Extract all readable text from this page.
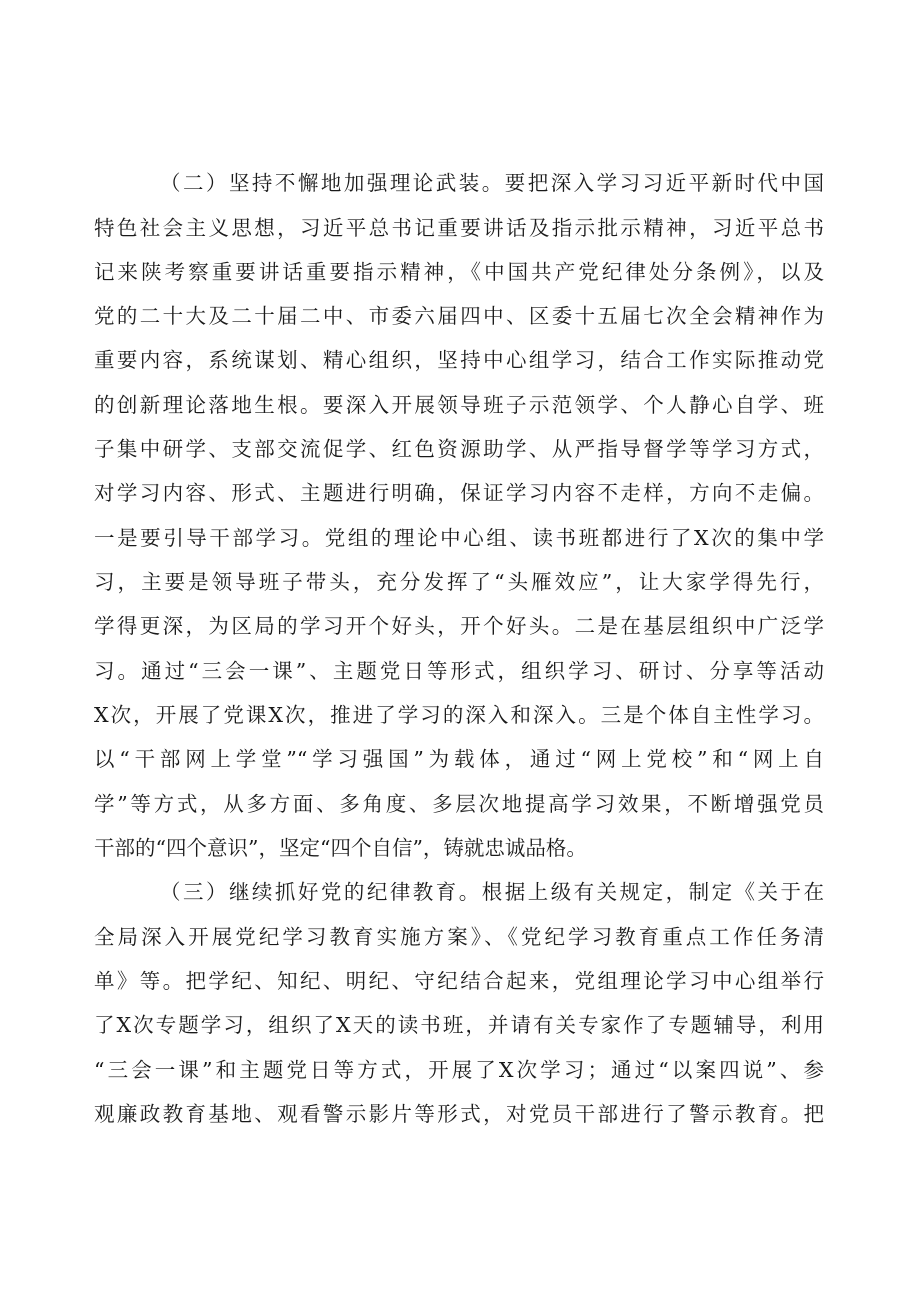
（二）坚持不懈地加强理论武装。要把深入学习习近平新时代中国
特色社会主义思想，习近平总书记重要讲话及指示批示精神，习近平总书
记来陕考察重要讲话重要指示精神，《中国共产党纪律处分条例》，以及
党的二十大及二十届二中、市委六届四中、区委十五届七次全会精神作为
重要内容，系统谋划、精心组织，坚持中心组学习，结合工作实际推动党
的创新理论落地生根。要深入开展领导班子示范领学、个人静心自学、班
子集中研学、支部交流促学、红色资源助学、从严指导督学等学习方式，
对学习内容、形式、主题进行明确，保证学习内容不走样，方向不走偏。
一是要引导干部学习。党组的理论中心组、读书班都进行了X次的集中学
习，主要是领导班子带头，充分发挥了“头雁效应”，让大家学得先行，
学得更深，为区局的学习开个好头，开个好头。二是在基层组织中广泛学
习。通过“三会一课”、主题党日等形式，组织学习、研讨、分享等活动
X次，开展了党课X次，推进了学习的深入和深入。三是个体自主性学习。
以“干部网上学堂”“学习强国”为载体，通过“网上党校”和“网上自
学”等方式，从多方面、多角度、多层次地提高学习效果，不断增强党员
干部的“四个意识”，坚定“四个自信”，铸就忠诚品格。
（三）继续抓好党的纪律教育。根据上级有关规定，制定《关于在
全局深入开展党纪学习教育实施方案》、《党纪学习教育重点工作任务清
单》等。把学纪、知纪、明纪、守纪结合起来，党组理论学习中心组举行
了X次专题学习，组织了X天的读书班，并请有关专家作了专题辅导，利用
“三会一课”和主题党日等方式，开展了X次学习；通过“以案四说”、参
观廉政教育基地、观看警示影片等形式，对党员干部进行了警示教育。把
